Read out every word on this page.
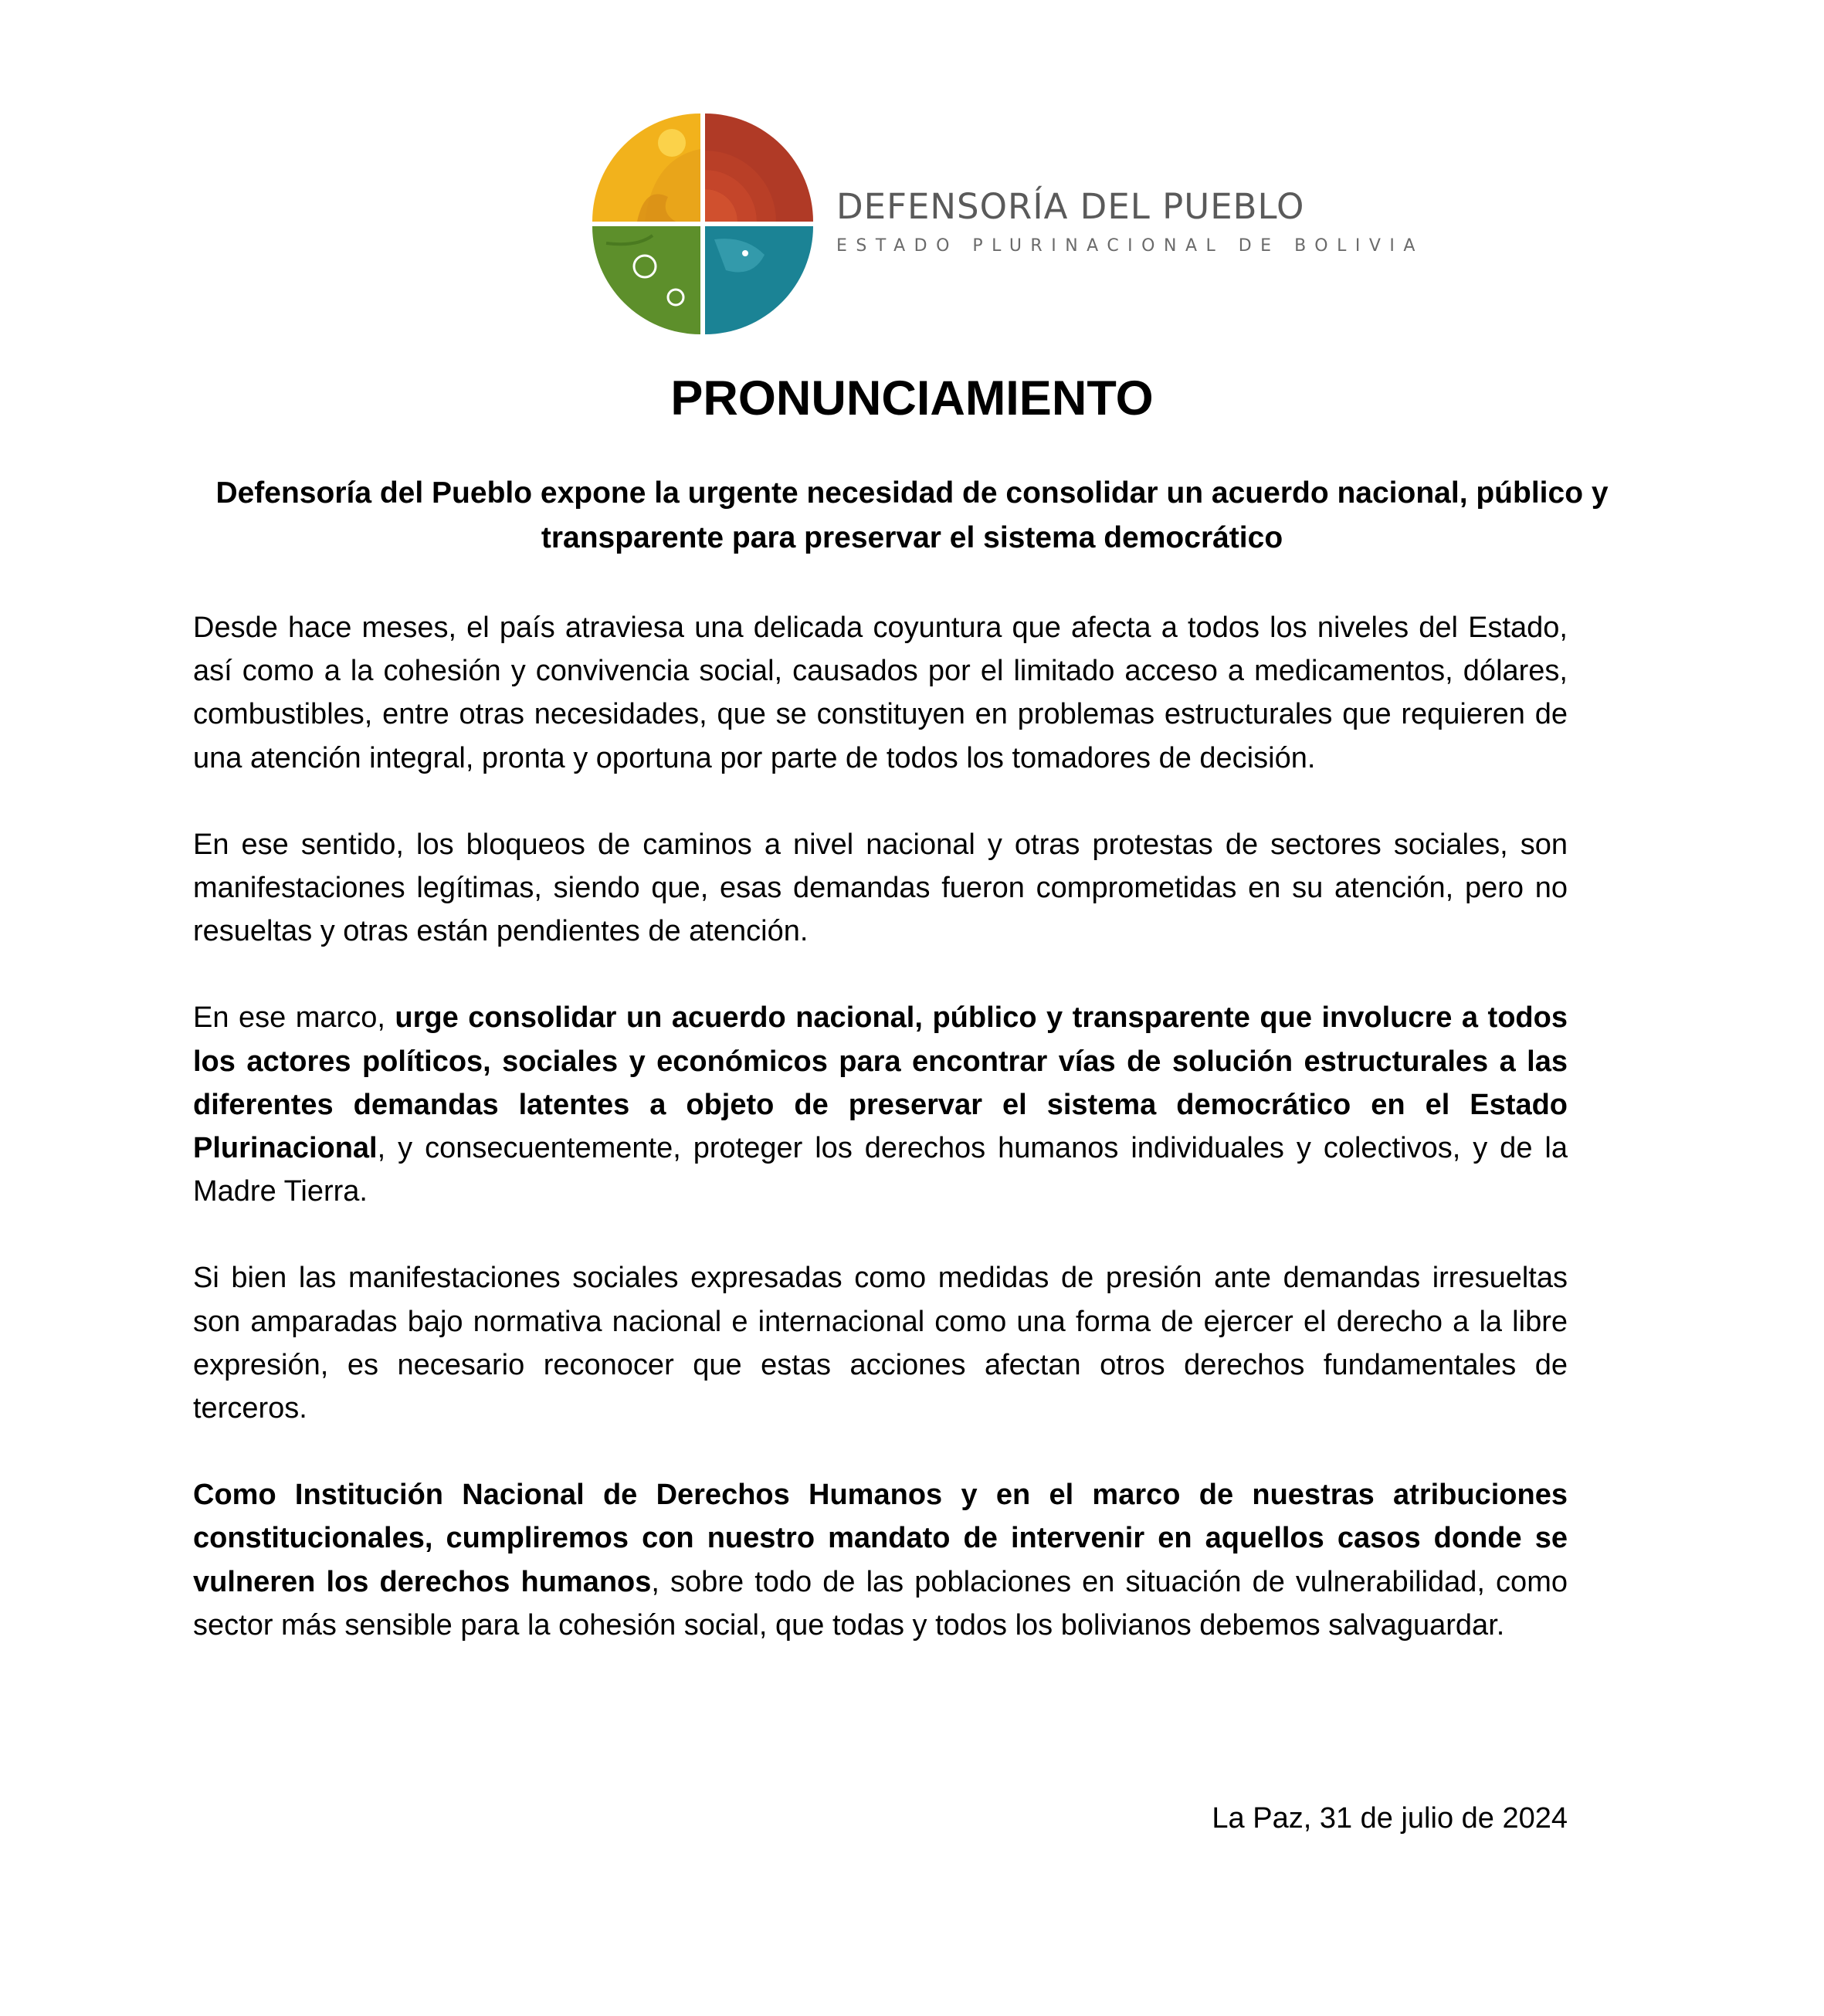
DEFENSORÍA DEL PUEBLO
ESTADO PLURINACIONAL DE BOLIVIA
PRONUNCIAMIENTO
Defensoría del Pueblo expone la urgente necesidad de consolidar un acuerdo nacional, público y transparente para preservar el sistema democrático

Desde hace meses, el país atraviesa una delicada coyuntura que afecta a todos los niveles del Estado, así como a la cohesión y convivencia social, causados por el limitado acceso a medicamentos, dólares, combustibles, entre otras necesidades, que se constituyen en problemas estructurales que requieren de una atención integral, pronta y oportuna por parte de todos los tomadores de decisión.

En ese sentido, los bloqueos de caminos a nivel nacional y otras protestas de sectores sociales, son manifestaciones legítimas, siendo que, esas demandas fueron comprometidas en su atención, pero no resueltas y otras están pendientes de atención.

En ese marco, urge consolidar un acuerdo nacional, público y transparente que involucre a todos los actores políticos, sociales y económicos para encontrar vías de solución estructurales a las diferentes demandas latentes a objeto de preservar el sistema democrático en el Estado Plurinacional, y consecuentemente, proteger los derechos humanos individuales y colectivos, y de la Madre Tierra.

Si bien las manifestaciones sociales expresadas como medidas de presión ante demandas irresueltas son amparadas bajo normativa nacional e internacional como una forma de ejercer el derecho a la libre expresión, es necesario reconocer que estas acciones afectan otros derechos fundamentales de terceros.

Como Institución Nacional de Derechos Humanos y en el marco de nuestras atribuciones constitucionales, cumpliremos con nuestro mandato de intervenir en aquellos casos donde se vulneren los derechos humanos, sobre todo de las poblaciones en situación de vulnerabilidad, como sector más sensible para la cohesión social, que todas y todos los bolivianos debemos salvaguardar.

La Paz, 31 de julio de 2024
